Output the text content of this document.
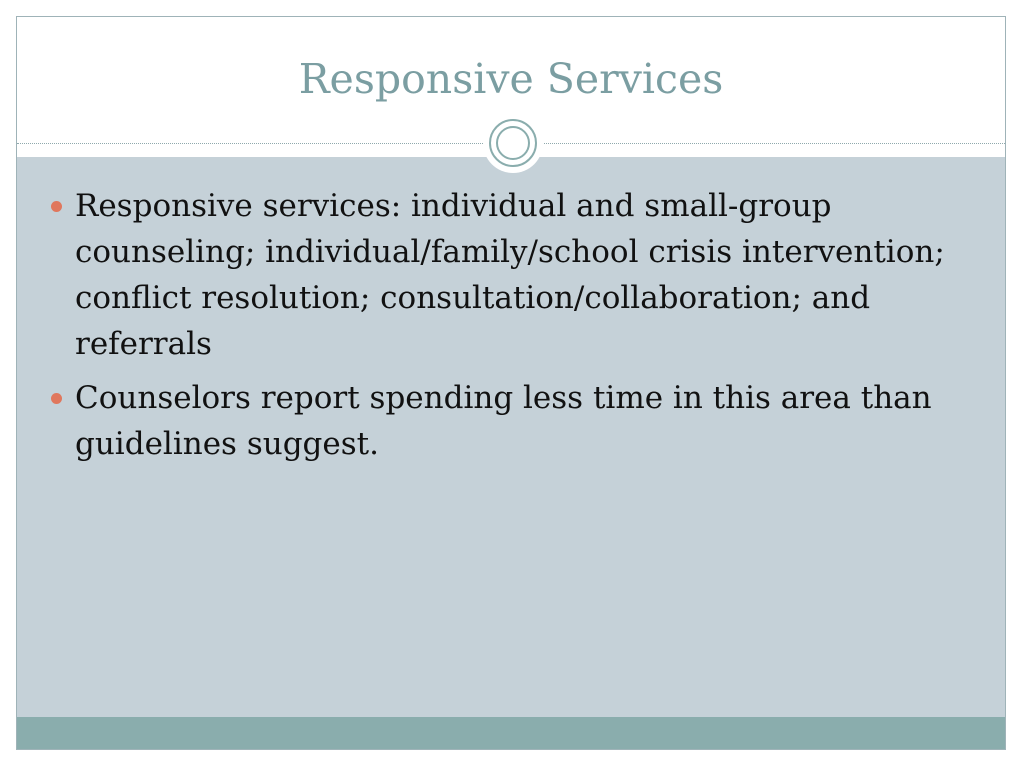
Responsive Services
Responsive services: individual and small-group counseling; individual/family/school crisis intervention; conflict resolution; consultation/collaboration; and referrals
Counselors report spending less time in this area than guidelines suggest.
